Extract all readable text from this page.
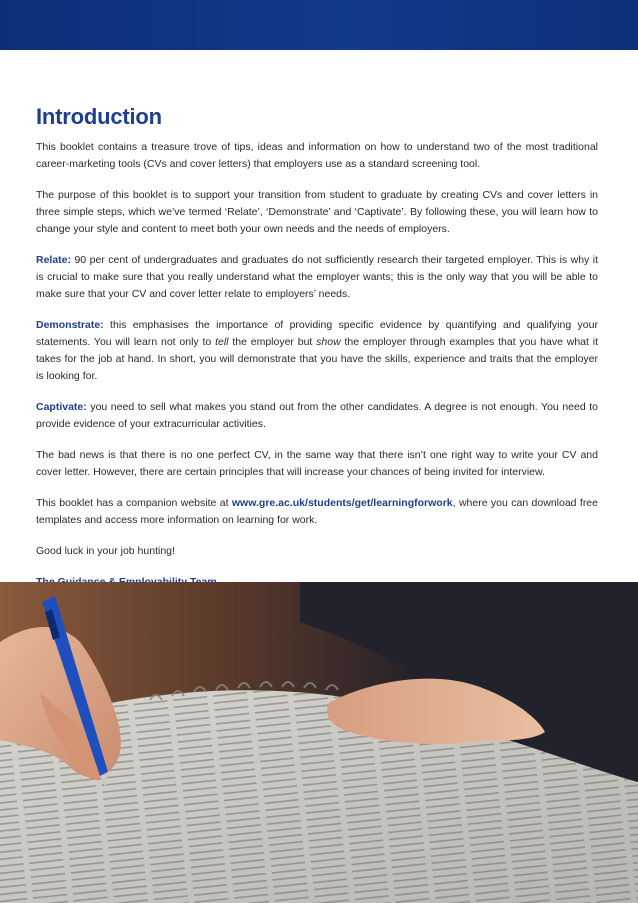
Introduction

This booklet contains a treasure trove of tips, ideas and information on how to understand two of the most traditional career-marketing tools (CVs and cover letters) that employers use as a standard screening tool.

The purpose of this booklet is to support your transition from student to graduate by creating CVs and cover letters in three simple steps, which we’ve termed ‘Relate’, ‘Demonstrate’ and ‘Captivate’. By following these, you will learn how to change your style and content to meet both your own needs and the needs of employers.

Relate: 90 per cent of undergraduates and graduates do not sufficiently research their targeted employer. This is why it is crucial to make sure that you really understand what the employer wants; this is the only way that you will be able to make sure that your CV and cover letter relate to employers’ needs.

Demonstrate: this emphasises the importance of providing specific evidence by quantifying and qualifying your statements. You will learn not only to tell the employer but show the employer through examples that you have what it takes for the job at hand. In short, you will demonstrate that you have the skills, experience and traits that the employer is looking for.

Captivate: you need to sell what makes you stand out from the other candidates. A degree is not enough. You need to provide evidence of your extracurricular activities.

The bad news is that there is no one perfect CV, in the same way that there isn’t one right way to write your CV and cover letter. However, there are certain principles that will increase your chances of being invited for interview.

This booklet has a companion website at www.gre.ac.uk/students/get/learningforwork, where you can download free templates and access more information on learning for work.

Good luck in your job hunting!
